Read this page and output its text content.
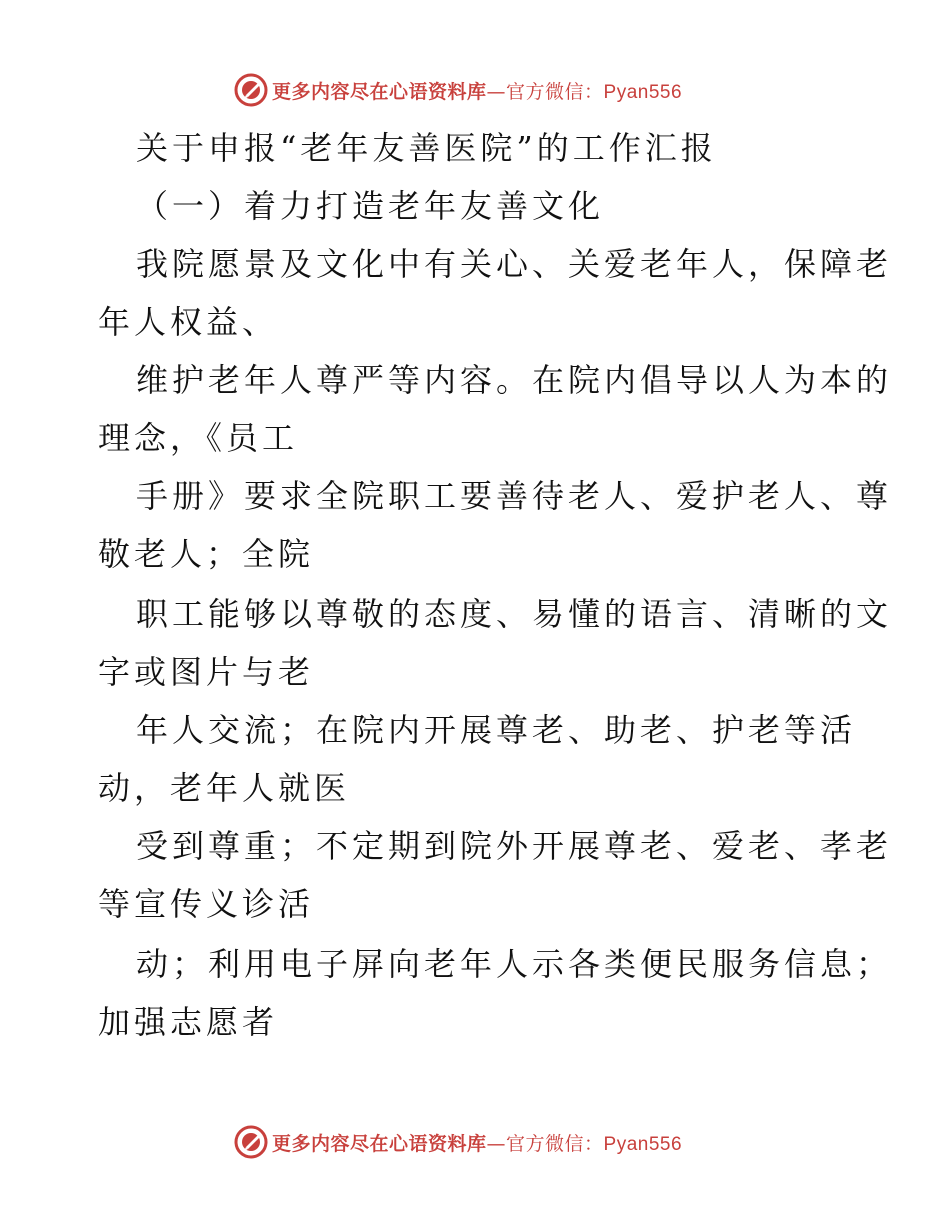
更多内容尽在心语资料库—官方微信：Pyan556
关于申报“老年友善医院”的工作汇报
（一）着力打造老年友善文化
我院愿景及文化中有关心、关爱老年人，保障老
年人权益、
维护老年人尊严等内容。在院内倡导以人为本的
理念，《员工
手册》要求全院职工要善待老人、爱护老人、尊
敬老人；全院
职工能够以尊敬的态度、易懂的语言、清晰的文
字或图片与老
年人交流；在院内开展尊老、助老、护老等活
动，老年人就医
受到尊重；不定期到院外开展尊老、爱老、孝老
等宣传义诊活
动；利用电子屏向老年人示各类便民服务信息；
加强志愿者
更多内容尽在心语资料库—官方微信：Pyan556
